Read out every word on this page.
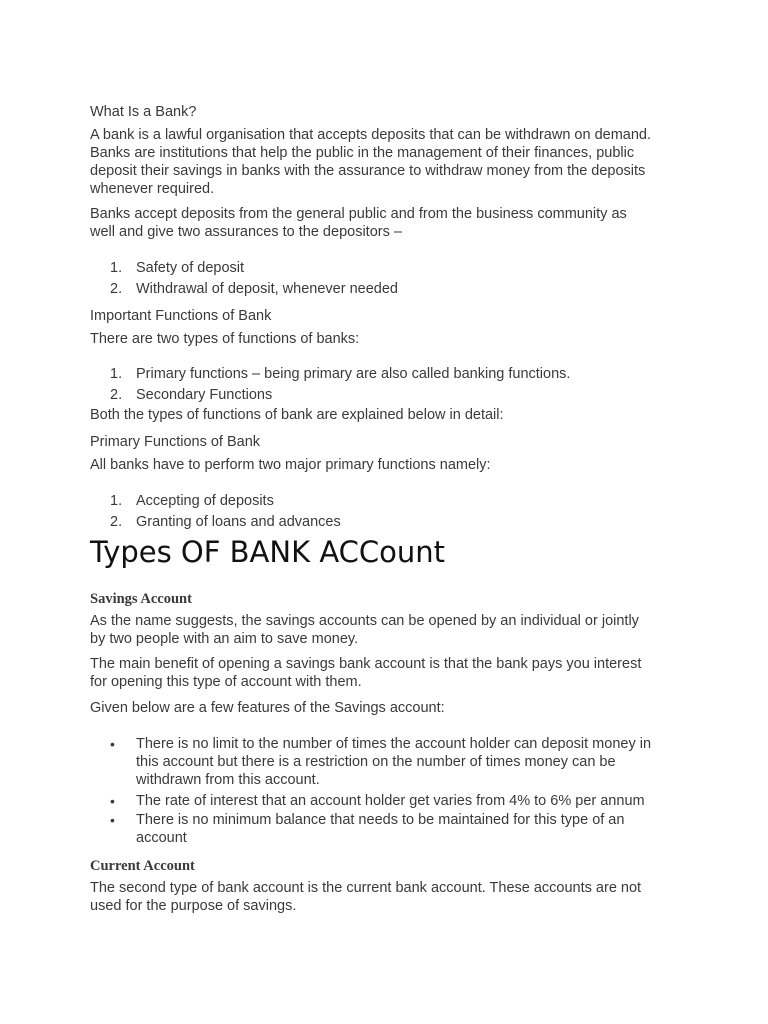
What Is a Bank?
A bank is a lawful organisation that accepts deposits that can be withdrawn on demand.
Banks are institutions that help the public in the management of their finances, public
deposit their savings in banks with the assurance to withdraw money from the deposits
whenever required.
Banks accept deposits from the general public and from the business community as
well and give two assurances to the depositors –
1. Safety of deposit
2. Withdrawal of deposit, whenever needed
Important Functions of Bank
There are two types of functions of banks:
1. Primary functions – being primary are also called banking functions.
2. Secondary Functions
Both the types of functions of bank are explained below in detail:
Primary Functions of Bank
All banks have to perform two major primary functions namely:
1. Accepting of deposits
2. Granting of loans and advances
Types OF BANK ACCount
Savings Account
As the name suggests, the savings accounts can be opened by an individual or jointly
by two people with an aim to save money.
The main benefit of opening a savings bank account is that the bank pays you interest
for opening this type of account with them.
Given below are a few features of the Savings account:
• There is no limit to the number of times the account holder can deposit money in
this account but there is a restriction on the number of times money can be
withdrawn from this account.
• The rate of interest that an account holder get varies from 4% to 6% per annum
• There is no minimum balance that needs to be maintained for this type of an
account
Current Account
The second type of bank account is the current bank account. These accounts are not
used for the purpose of savings.
